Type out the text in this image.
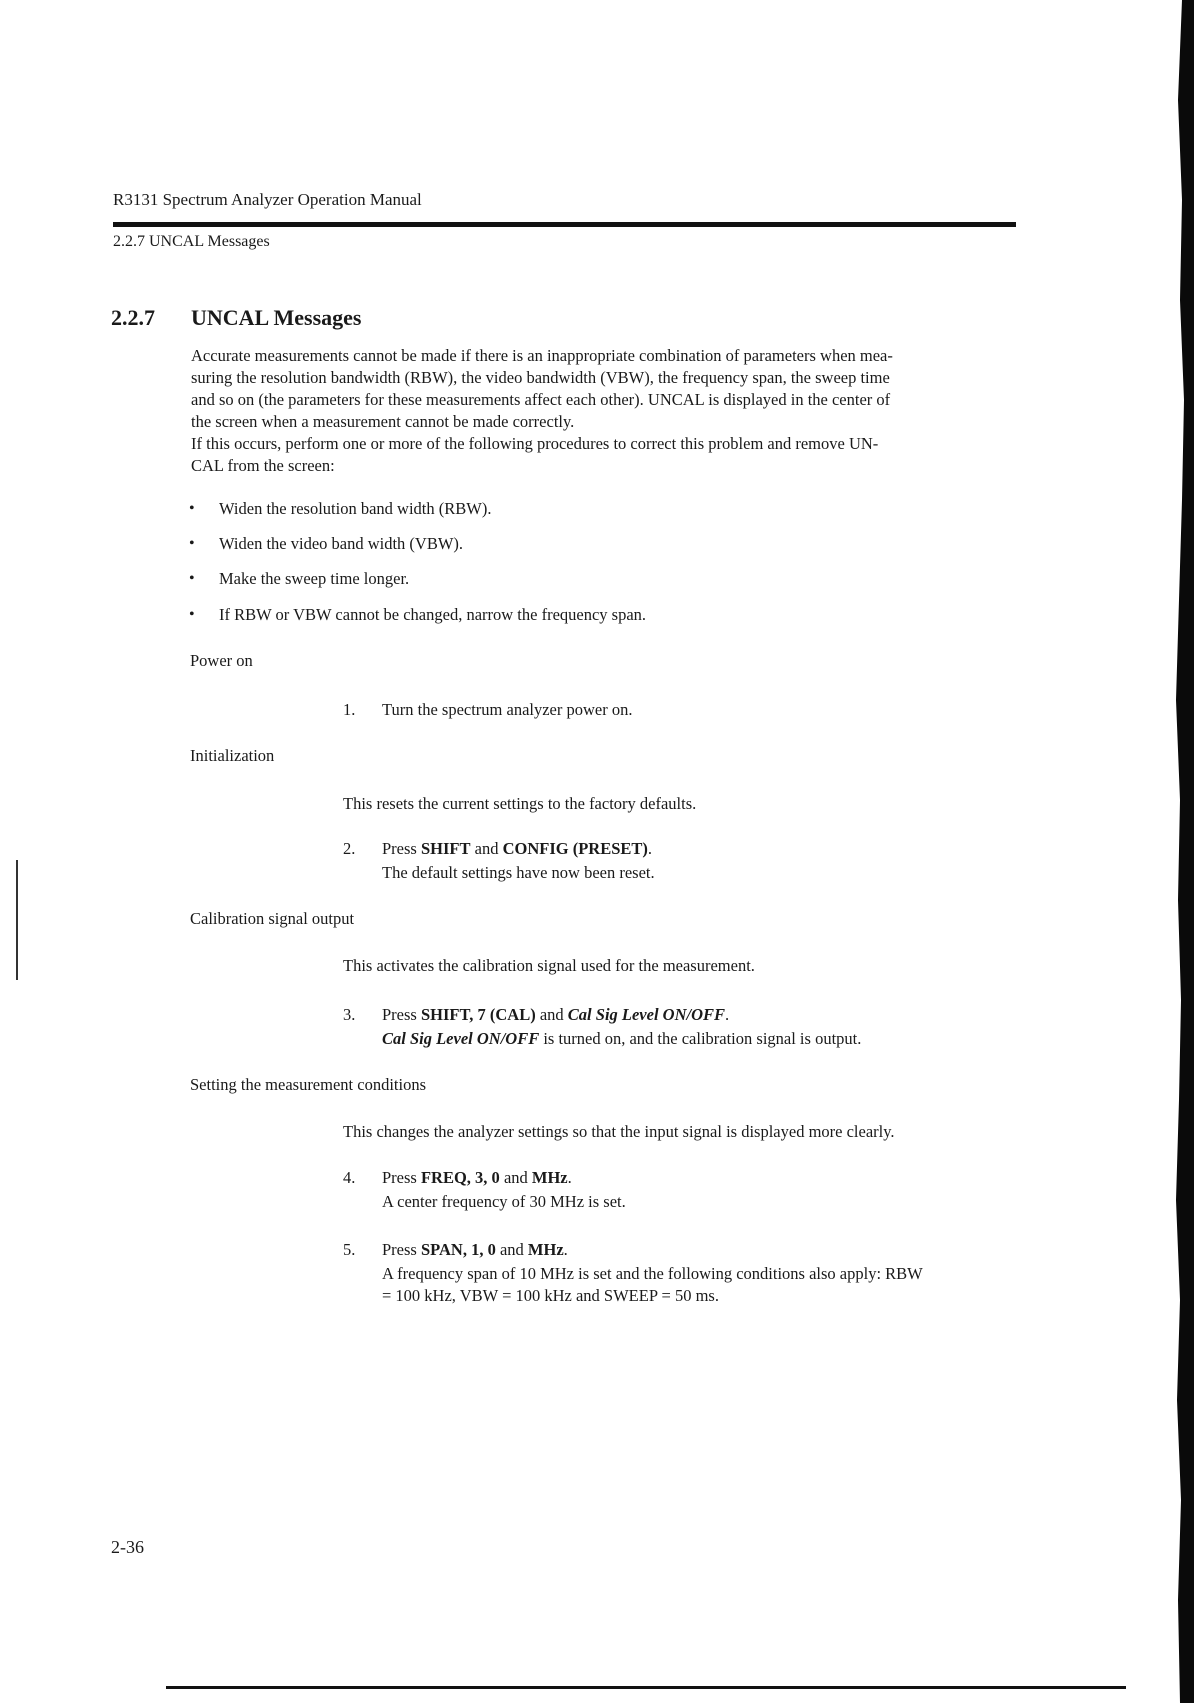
R3131 Spectrum Analyzer Operation Manual
2.2.7 UNCAL Messages
2.2.7 UNCAL Messages
Accurate measurements cannot be made if there is an inappropriate combination of parameters when mea-
suring the resolution bandwidth (RBW), the video bandwidth (VBW), the frequency span, the sweep time
and so on (the parameters for these measurements affect each other). UNCAL is displayed in the center of
the screen when a measurement cannot be made correctly.
If this occurs, perform one or more of the following procedures to correct this problem and remove UN-
CAL from the screen:
• Widen the resolution band width (RBW).
• Widen the video band width (VBW).
• Make the sweep time longer.
• If RBW or VBW cannot be changed, narrow the frequency span.
Power on
1. Turn the spectrum analyzer power on.
Initialization
This resets the current settings to the factory defaults.
2. Press SHIFT and CONFIG (PRESET).
The default settings have now been reset.
Calibration signal output
This activates the calibration signal used for the measurement.
3. Press SHIFT, 7 (CAL) and Cal Sig Level ON/OFF.
Cal Sig Level ON/OFF is turned on, and the calibration signal is output.
Setting the measurement conditions
This changes the analyzer settings so that the input signal is displayed more clearly.
4. Press FREQ, 3, 0 and MHz.
A center frequency of 30 MHz is set.
5. Press SPAN, 1, 0 and MHz.
A frequency span of 10 MHz is set and the following conditions also apply: RBW
= 100 kHz, VBW = 100 kHz and SWEEP = 50 ms.
2-36
